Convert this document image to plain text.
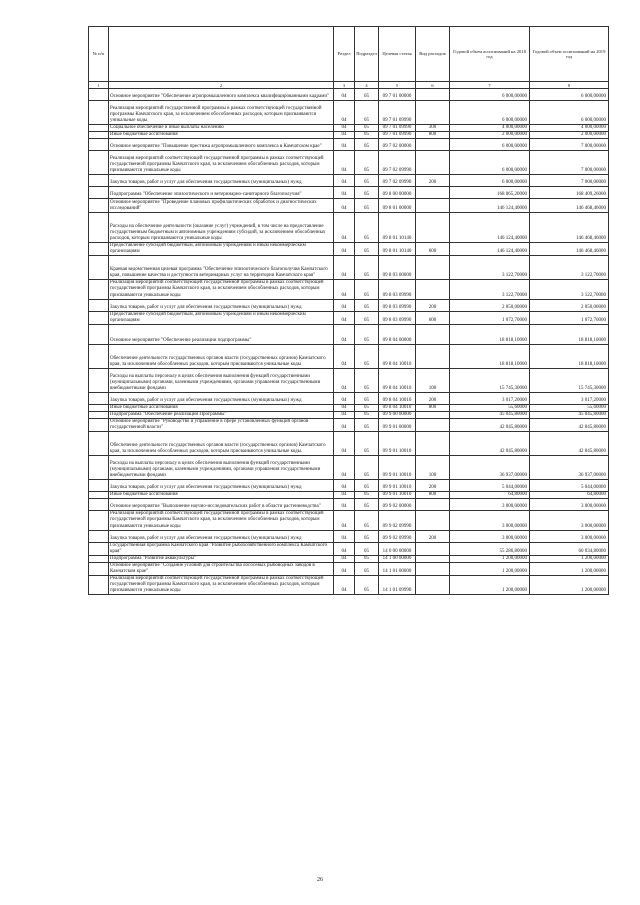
№ п/п		Раздел	Подраздел	Целевая статья	Вид расходов	Годовой объем ассигнований на 2018 год	Годовой объем ассигнований на 2019 год
1	2	3	4	5	6	7	8
	Основное мероприятие "Обеспечение агропромышленного комплекса квалифицированными кадрами"	04	05	09 7 01 00000		6 000,00000	6 000,00000
	Реализация мероприятий государственной программы в рамках соответствующей государственной программы Камчатского края, за исключением обособленных расходов, которым присваиваются уникальные коды	04	05	09 7 01 09990		6 000,00000	6 000,00000
	Социальное обеспечение и иные выплаты населению	04	05	09 7 01 09990	300	4 000,00000	4 000,00000
	Иные бюджетные ассигнования	04	05	09 7 01 09990	800	2 000,00000	2 000,00000
	Основное мероприятие "Повышение престижа агропромышленного комплекса в Камчатском крае"	04	05	09 7 02 00000		6 000,00000	7 000,00000
	Реализация мероприятий соответствующей государственной программы в рамках соответствующей государственной программы Камчатского края, за исключением обособленных расходов, которым присваиваются уникальные коды	04	05	09 7 02 09990		6 000,00000	7 000,00000
	Закупка товаров, работ и услуг для обеспечения государственных (муниципальных) нужд	04	05	09 7 02 09990	200	6 000,00000	7 000,00000
	Подпрограмма "Обеспечение эпизоотического и ветеринарно-санитарного благополучия"	04	05	09 8 00 00000		168 065,20000	168 409,26000
	Основное мероприятие "Проведение плановых профилактических обработок и диагностических исследований"	04	05	09 8 01 00000		146 124,40000	146 468,46000
	Расходы на обеспечение деятельности (оказание услуг) учреждений, в том числе на предоставление государственным бюджетным и автономным учреждениям субсидий, за исключением обособленных расходов, которым присваиваются уникальные коды	04	05	09 8 01 10140		146 124,40000	146 468,46000
	Предоставление субсидий бюджетным, автономным учреждениям и иным некоммерческим организациям	04	05	09 8 01 10140	600	146 124,40000	146 468,46000
	Краевая ведомственная целевая программа "Обеспечение эпизоотического благополучия Камчатского края, повышение качества и доступности ветеринарных услуг на территории Камчатского края"	04	05	09 8 03 00000		3 122,70000	3 122,70000
	Реализация мероприятий соответствующей государственной программы в рамках соответствующей государственной программы Камчатского края, за исключением обособленных расходов, которым присваиваются уникальные коды	04	05	09 8 03 09990		3 122,70000	3 122,70000
	Закупка товаров, работ и услуг для обеспечения государственных (муниципальных) нужд	04	05	09 8 03 09990	200	2 050,00000	2 050,00000
	Предоставление субсидий бюджетным, автономным учреждениям и иным некоммерческим организациям	04	05	09 8 03 09990	600	1 072,70000	1 072,70000
	Основное мероприятие "Обеспечение реализации подпрограммы"	04	05	09 8 04 00000		18 818,10000	18 818,10000
	Обеспечение деятельности государственных органов власти (государственных органов) Камчатского края, за исключением обособленных расходов, которым присваиваются уникальные коды	04	05	09 8 04 10010		18 818,10000	18 818,10000
	Расходы на выплаты персоналу в целях обеспечения выполнения функций государственными (муниципальными) органами, казенными учреждениями, органами управления государственными внебюджетными фондами	04	05	09 8 04 10010	100	15 745,30000	15 745,30000
	Закупка товаров, работ и услуг для обеспечения государственных (муниципальных) нужд	04	05	09 8 04 10010	200	3 017,20000	3 017,20000
	Иные бюджетные ассигнования	04	05	09 8 04 10010	800	55,60000	55,60000
	Подпрограмма "Обеспечение реализации Программы"	04	05	09 9 00 00000		45 045,80000	45 045,80000
	Основное мероприятие "Руководство и управление в сфере установленных функций органов государственной власти"	04	05	09 9 01 00000		42 045,80000	42 045,80000
	Обеспечение деятельности государственных органов власти (государственных органов) Камчатского края, за исключением обособленных расходов, которым присваиваются уникальные коды.	04	05	09 9 01 10010		42 045,80000	42 045,80000
	Расходы на выплаты персоналу в целях обеспечения выполнения функций государственными (муниципальными) органами, казенными учреждениями, органами управления государственными внебюджетными фондами	04	05	09 9 01 10010	100	36 937,00000	36 937,00000
	Закупка товаров, работ и услуг для обеспечения государственных (муниципальных) нужд	04	05	09 9 01 10010	200	5 044,00000	5 044,00000
	Иные бюджетные ассигнования	04	05	09 9 01 10010	800	64,80000	64,80000
	Основное мероприятие "Выполнение научно-исследовательских работ в области растениеводства"	04	05	09 9 02 00000		3 000,00000	3 000,00000
	Реализация мероприятий соответствующей государственной программы в рамках соответствующей государственной программы Камчатского края, за исключением обособленных расходов, которым присваиваются уникальные коды	04	05	09 9 02 09990		3 000,00000	3 000,00000
	Закупка товаров, работ и услуг для обеспечения государственных (муниципальных) нужд	04	05	09 9 02 09990	200	3 000,00000	3 000,00000
	Государственная программа Камчатского края "Развитие рыбохозяйственного комплекса Камчатского края"	04	05	14 0 00 00000		55 286,80000	60 034,80000
	Подпрограмма "Развитие аквакультуры"	04	05	14 1 00 00000		1 200,00000	1 200,00000
	Основное мероприятие "Создание условий для строительства лососевых рыбоводных заводов в Камчатском крае"	04	05	14 1 01 00000		1 200,00000	1 200,00000
	Реализация мероприятий соответствующей государственной программы в рамках соответствующей государственной программы Камчатского края, за исключением обособленных расходов, которым присваиваются уникальные коды	04	05	14 1 01 09990		1 200,00000	1 200,00000
26
